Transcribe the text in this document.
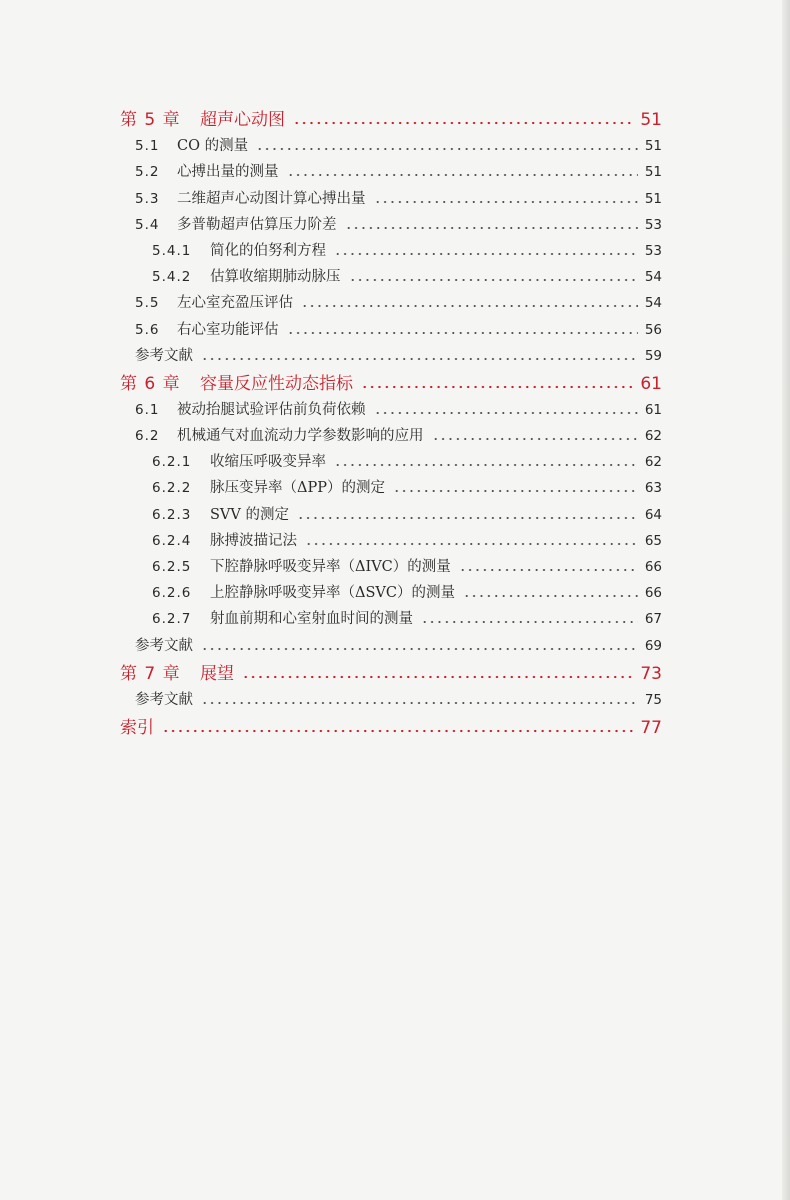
第 5 章	超声心动图	51
5.1	CO 的测量	51
5.2	心搏出量的测量	51
5.3	二维超声心动图计算心搏出量	51
5.4	多普勒超声估算压力阶差	53
5.4.1	简化的伯努利方程	53
5.4.2	估算收缩期肺动脉压	54
5.5	左心室充盈压评估	54
5.6	右心室功能评估	56
参考文献	59
第 6 章	容量反应性动态指标	61
6.1	被动抬腿试验评估前负荷依赖	61
6.2	机械通气对血流动力学参数影响的应用	62
6.2.1	收缩压呼吸变异率	62
6.2.2	脉压变异率（ΔPP）的测定	63
6.2.3	SVV 的测定	64
6.2.4	脉搏波描记法	65
6.2.5	下腔静脉呼吸变异率（ΔIVC）的测量	66
6.2.6	上腔静脉呼吸变异率（ΔSVC）的测量	66
6.2.7	射血前期和心室射血时间的测量	67
参考文献	69
第 7 章	展望	73
参考文献	75
索引	77
